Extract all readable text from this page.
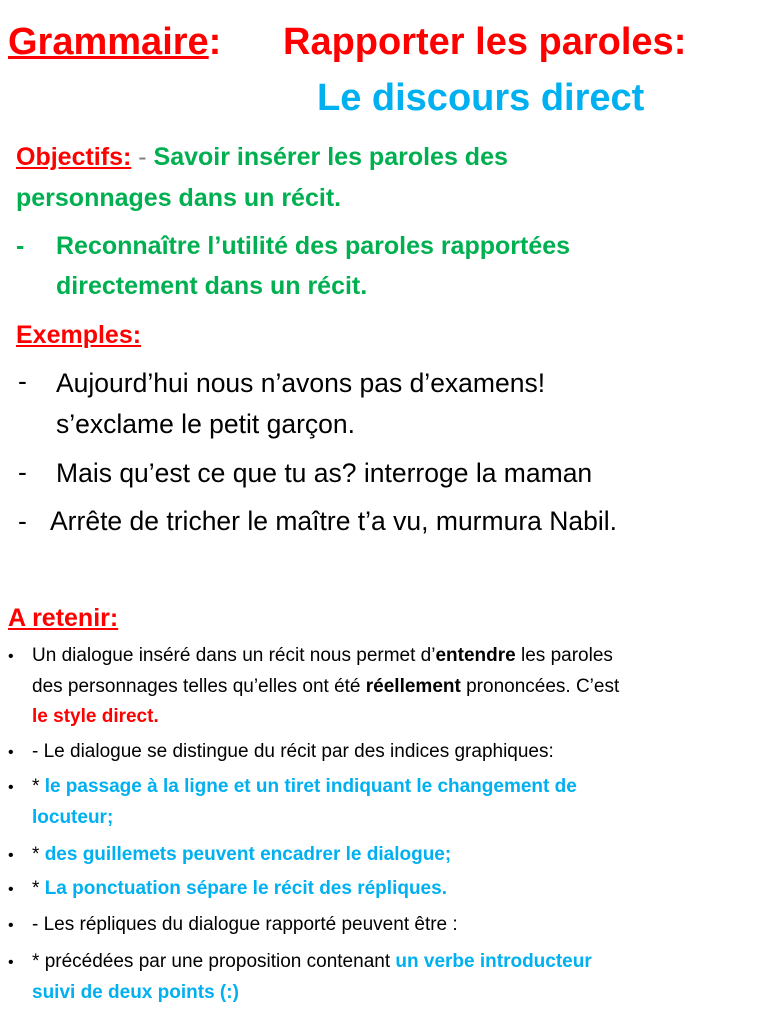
Grammaire: Rapporter les paroles:
Le discours direct
Objectifs: - Savoir insérer les paroles des
personnages dans un récit.
- Reconnaître l’utilité des paroles rapportées
directement dans un récit.
Exemples:
- Aujourd’hui nous n’avons pas d’examens!
s’exclame le petit garçon.
- Mais qu’est ce que tu as? interroge la maman
- Arrête de tricher le maître t’a vu, murmura Nabil.
A retenir:
• Un dialogue inséré dans un récit nous permet d’entendre les paroles
des personnages telles qu’elles ont été réellement prononcées. C’est
le style direct.
• - Le dialogue se distingue du récit par des indices graphiques:
• * le passage à la ligne et un tiret indiquant le changement de
locuteur;
• * des guillemets peuvent encadrer le dialogue;
• * La ponctuation sépare le récit des répliques.
• - Les répliques du dialogue rapporté peuvent être :
• * précédées par une proposition contenant un verbe introducteur
suivi de deux points (:)
